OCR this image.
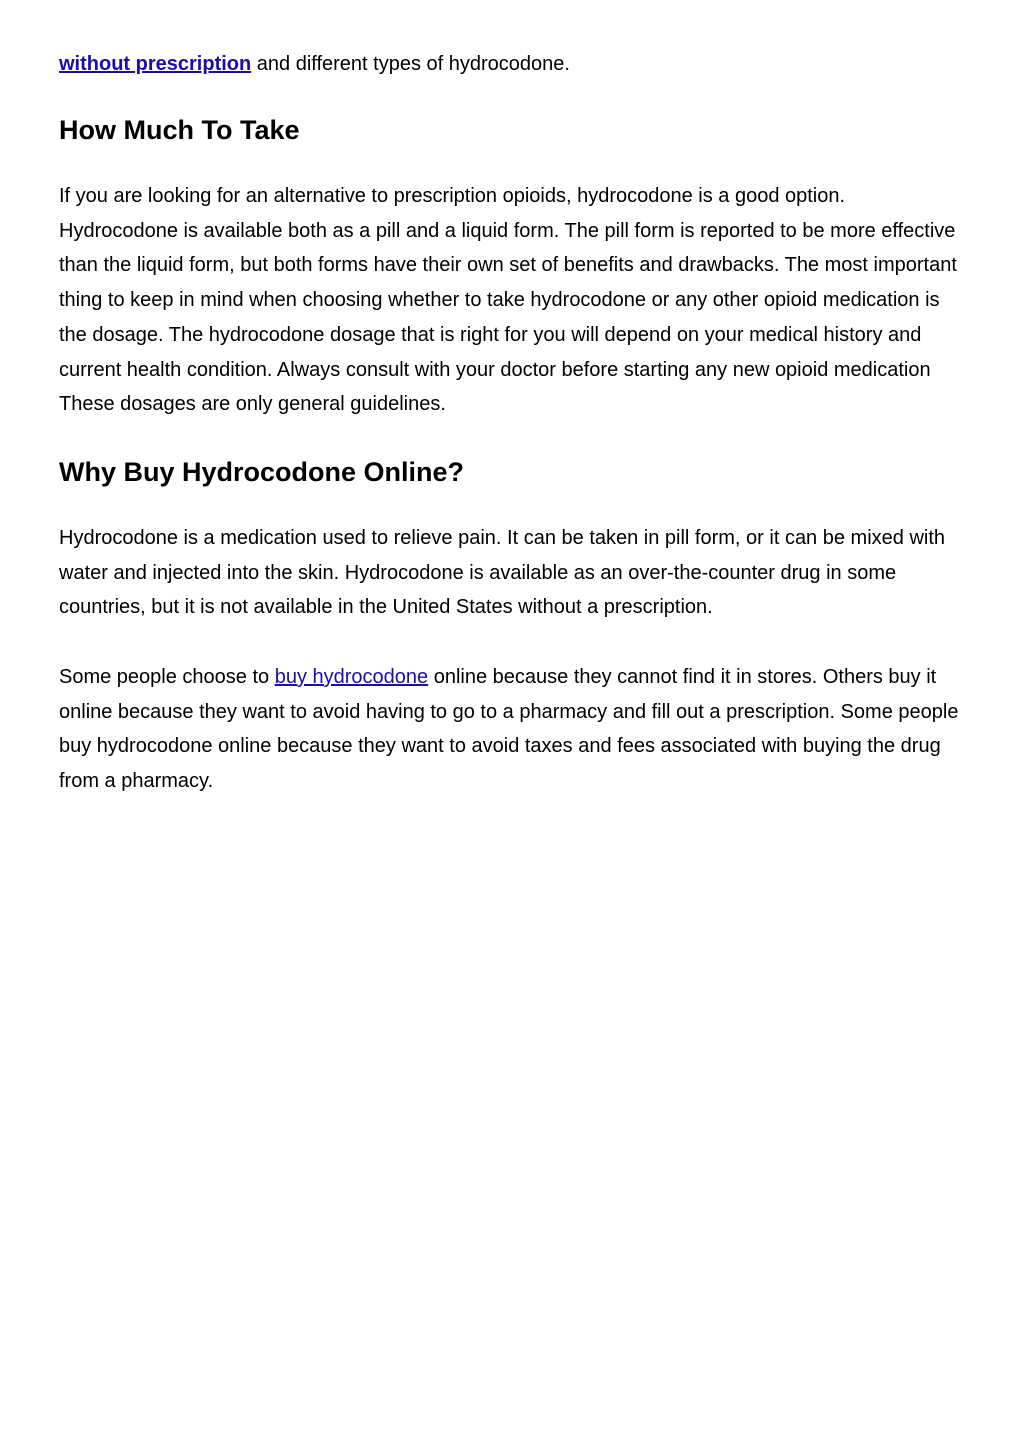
without prescription and different types of hydrocodone.
How Much To Take

If you are looking for an alternative to prescription opioids, hydrocodone is a good option. Hydrocodone is available both as a pill and a liquid form. The pill form is reported to be more effective than the liquid form, but both forms have their own set of benefits and drawbacks. The most important thing to keep in mind when choosing whether to take hydrocodone or any other opioid medication is the dosage. The hydrocodone dosage that is right for you will depend on your medical history and current health condition. Always consult with your doctor before starting any new opioid medication These dosages are only general guidelines.

Why Buy Hydrocodone Online?

Hydrocodone is a medication used to relieve pain. It can be taken in pill form, or it can be mixed with water and injected into the skin. Hydrocodone is available as an over-the-counter drug in some countries, but it is not available in the United States without a prescription.

Some people choose to buy hydrocodone online because they cannot find it in stores. Others buy it online because they want to avoid having to go to a pharmacy and fill out a prescription. Some people buy hydrocodone online because they want to avoid taxes and fees associated with buying the drug from a pharmacy.
